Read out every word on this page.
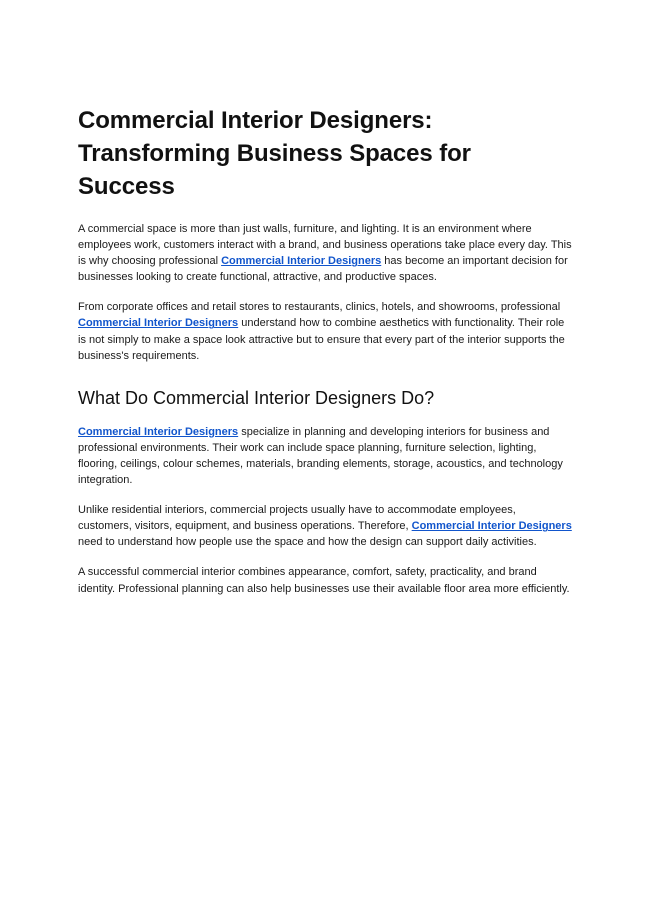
Commercial Interior Designers: Transforming Business Spaces for Success

A commercial space is more than just walls, furniture, and lighting. It is an environment where employees work, customers interact with a brand, and business operations take place every day. This is why choosing professional Commercial Interior Designers has become an important decision for businesses looking to create functional, attractive, and productive spaces.

From corporate offices and retail stores to restaurants, clinics, hotels, and showrooms, professional Commercial Interior Designers understand how to combine aesthetics with functionality. Their role is not simply to make a space look attractive but to ensure that every part of the interior supports the business's requirements.

What Do Commercial Interior Designers Do?

Commercial Interior Designers specialize in planning and developing interiors for business and professional environments. Their work can include space planning, furniture selection, lighting, flooring, ceilings, colour schemes, materials, branding elements, storage, acoustics, and technology integration.

Unlike residential interiors, commercial projects usually have to accommodate employees, customers, visitors, equipment, and business operations. Therefore, Commercial Interior Designers need to understand how people use the space and how the design can support daily activities.

A successful commercial interior combines appearance, comfort, safety, practicality, and brand identity. Professional planning can also help businesses use their available floor area more efficiently.
